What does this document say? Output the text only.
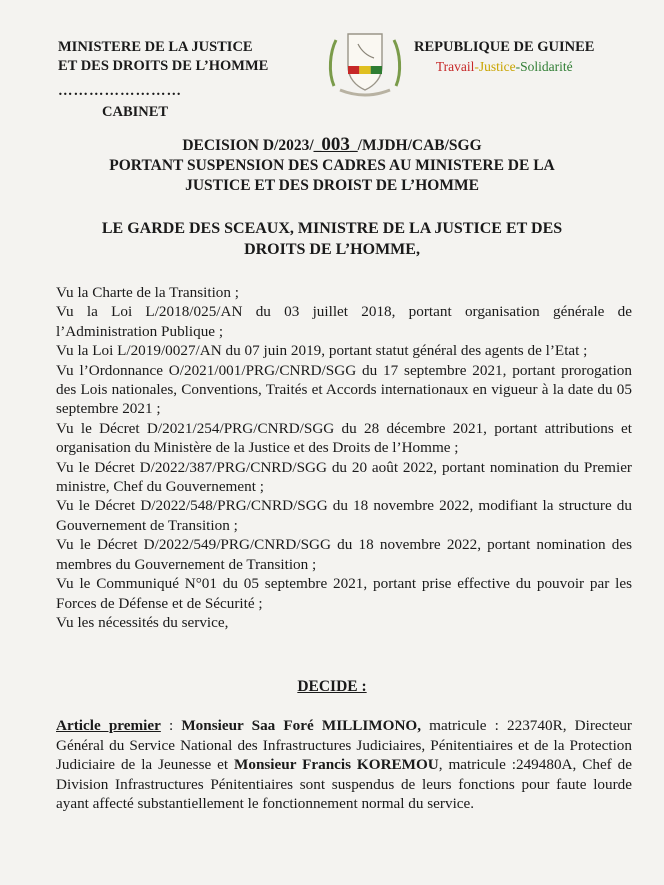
MINISTERE DE LA JUSTICE
ET DES DROITS DE L’HOMME
……………………
CABINET
REPUBLIQUE DE GUINEE
Travail-Justice-Solidarité
DECISION D/2023/_003_/MJDH/CAB/SGG
PORTANT SUSPENSION DES CADRES AU MINISTERE DE LA
JUSTICE ET DES DROIST DE L’HOMME
LE GARDE DES SCEAUX, MINISTRE DE LA JUSTICE ET DES
DROITS DE L’HOMME,
Vu la Charte de la Transition ;
Vu la Loi L/2018/025/AN du 03 juillet 2018, portant organisation générale de l’Administration Publique ;
Vu la Loi L/2019/0027/AN du 07 juin 2019, portant statut général des agents de l’Etat ;
Vu l’Ordonnance O/2021/001/PRG/CNRD/SGG du 17 septembre 2021, portant prorogation des Lois nationales, Conventions, Traités et Accords internationaux en vigueur à la date du 05 septembre 2021 ;
Vu le Décret D/2021/254/PRG/CNRD/SGG du 28 décembre 2021, portant attributions et organisation du Ministère de la Justice et des Droits de l’Homme ;
Vu le Décret D/2022/387/PRG/CNRD/SGG du 20 août 2022, portant nomination du Premier ministre, Chef du Gouvernement ;
Vu le Décret D/2022/548/PRG/CNRD/SGG du 18 novembre 2022, modifiant la structure du Gouvernement de Transition ;
Vu le Décret D/2022/549/PRG/CNRD/SGG du 18 novembre 2022, portant nomination des membres du Gouvernement de Transition ;
Vu le Communiqué N°01 du 05 septembre 2021, portant prise effective du pouvoir par les Forces de Défense et de Sécurité ;
Vu les nécessités du service,
DECIDE :

Article premier : Monsieur Saa Foré MILLIMONO, matricule : 223740R, Directeur Général du Service National des Infrastructures Judiciaires, Pénitentiaires et de la Protection Judiciaire de la Jeunesse et Monsieur Francis KOREMOU, matricule :249480A, Chef de Division Infrastructures Pénitentiaires sont suspendus de leurs fonctions pour faute lourde ayant affecté substantiellement le fonctionnement normal du service.
